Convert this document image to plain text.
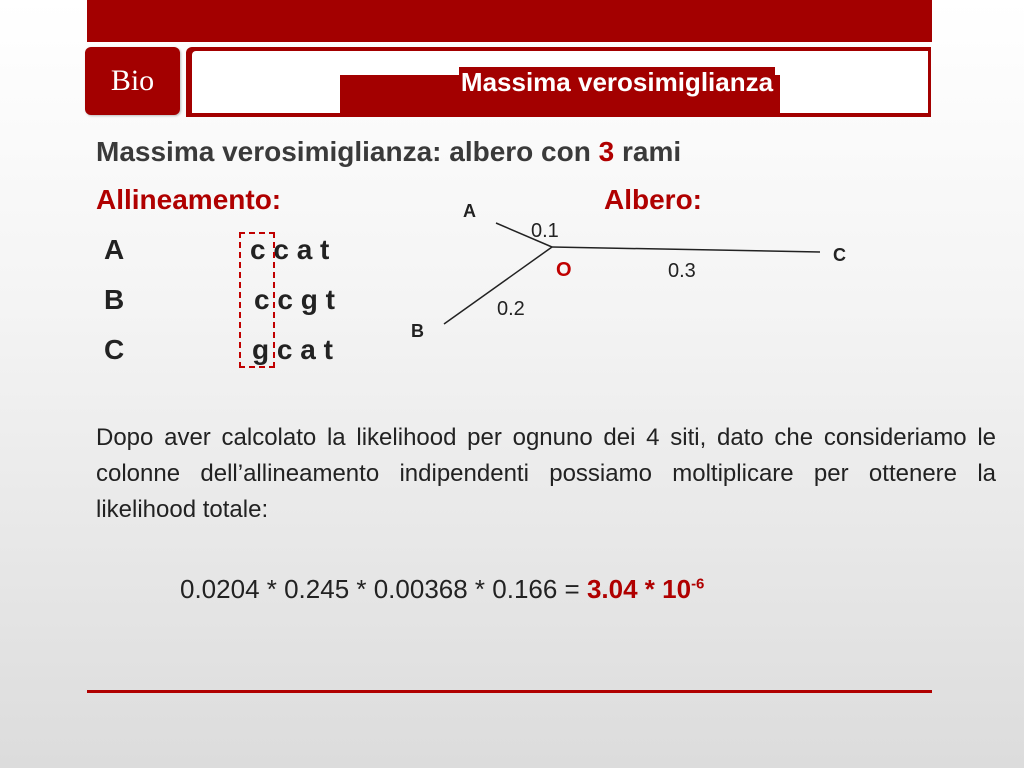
Bio	Massima verosimiglianza
Massima verosimiglianza: albero con 3 rami
Allineamento:	Albero:
A	c c a t
B	c c g t
C	g c a t
A
B
C
O
0.1
0.2
0.3
Dopo aver calcolato la likelihood per ognuno dei 4 siti, dato che consideriamo le colonne dell’allineamento indipendenti possiamo moltiplicare per ottenere la likelihood totale:
$0.0204 * 0.245 * 0.00368 * 0.166 = 3.04 * 10^{-6}$
